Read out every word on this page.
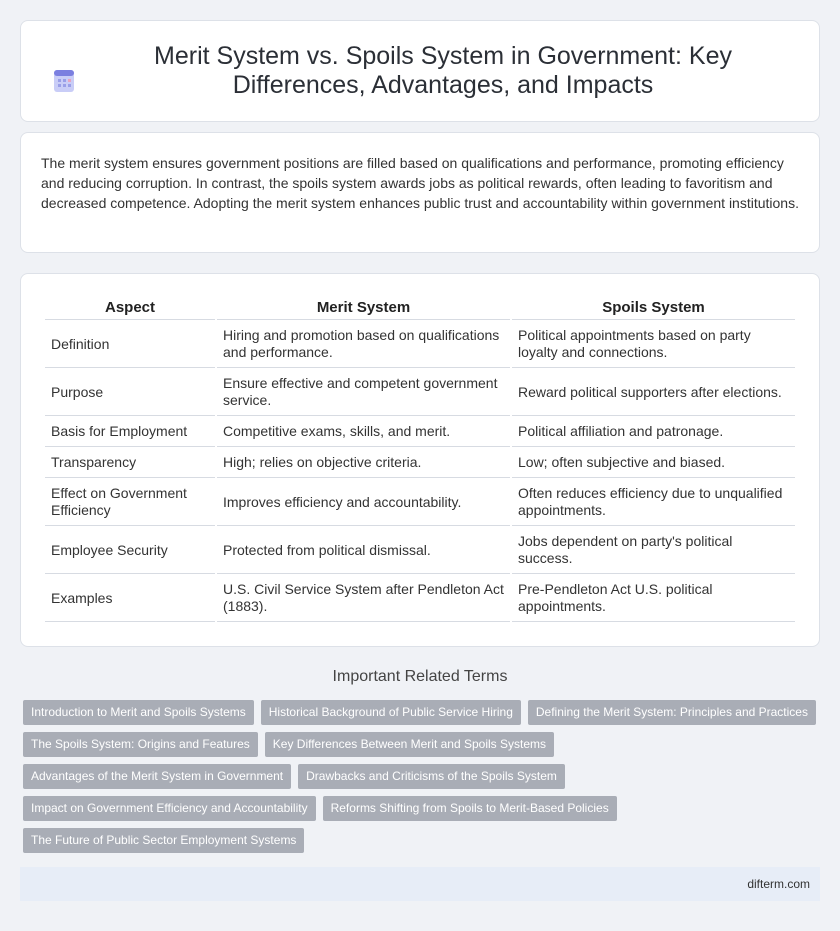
Merit System vs. Spoils System in Government: Key Differences, Advantages, and Impacts

The merit system ensures government positions are filled based on qualifications and performance, promoting efficiency and reducing corruption. In contrast, the spoils system awards jobs as political rewards, often leading to favoritism and decreased competence. Adopting the merit system enhances public trust and accountability within government institutions.

Aspect	Merit System	Spoils System
Definition	Hiring and promotion based on qualifications and performance.	Political appointments based on party loyalty and connections.
Purpose	Ensure effective and competent government service.	Reward political supporters after elections.
Basis for Employment	Competitive exams, skills, and merit.	Political affiliation and patronage.
Transparency	High; relies on objective criteria.	Low; often subjective and biased.
Effect on Government Efficiency	Improves efficiency and accountability.	Often reduces efficiency due to unqualified appointments.
Employee Security	Protected from political dismissal.	Jobs dependent on party's political success.
Examples	U.S. Civil Service System after Pendleton Act (1883).	Pre-Pendleton Act U.S. political appointments.
Important Related Terms
Introduction to Merit and Spoils Systems	Historical Background of Public Service Hiring	Defining the Merit System: Principles and Practices
The Spoils System: Origins and Features	Key Differences Between Merit and Spoils Systems
Advantages of the Merit System in Government	Drawbacks and Criticisms of the Spoils System
Impact on Government Efficiency and Accountability	Reforms Shifting from Spoils to Merit-Based Policies
The Future of Public Sector Employment Systems
difterm.com
